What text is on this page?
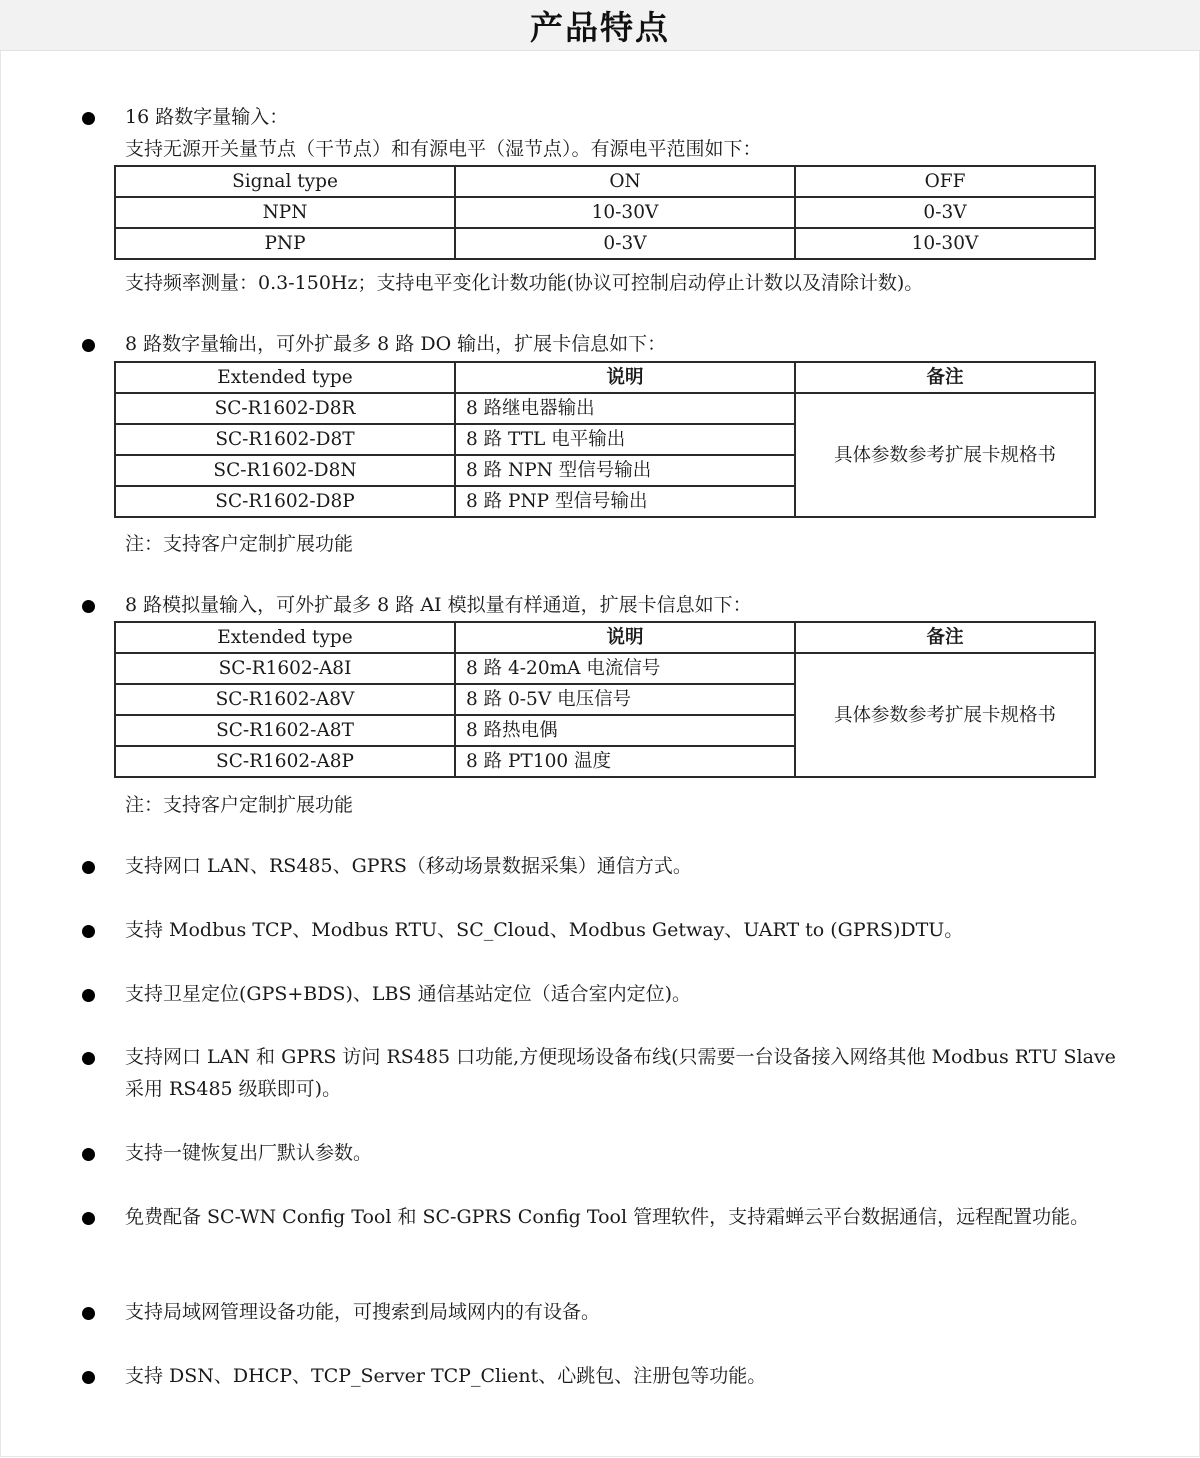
产品特点
16 路数字量输入：
支持无源开关量节点（干节点）和有源电平（湿节点）。有源电平范围如下：
Signal type	ON	OFF
NPN	10-30V	0-3V
PNP	0-3V	10-30V
支持频率测量：0.3-150Hz；支持电平变化计数功能(协议可控制启动停止计数以及清除计数)。
8 路数字量输出，可外扩最多 8 路 DO 输出，扩展卡信息如下：
Extended type	说明	备注
SC-R1602-D8R	8 路继电器输出	具体参数参考扩展卡规格书
SC-R1602-D8T	8 路 TTL 电平输出	
SC-R1602-D8N	8 路 NPN 型信号输出	
SC-R1602-D8P	8 路 PNP 型信号输出	
注：支持客户定制扩展功能
8 路模拟量输入，可外扩最多 8 路 AI 模拟量有样通道，扩展卡信息如下：
Extended type	说明	备注
SC-R1602-A8I	8 路 4-20mA 电流信号	具体参数参考扩展卡规格书
SC-R1602-A8V	8 路 0-5V 电压信号	
SC-R1602-A8T	8 路热电偶	
SC-R1602-A8P	8 路 PT100 温度	
注：支持客户定制扩展功能
支持网口 LAN、RS485、GPRS（移动场景数据采集）通信方式。
支持 Modbus TCP、Modbus RTU、SC_Cloud、Modbus Getway、UART to (GPRS)DTU。
支持卫星定位(GPS+BDS)、LBS 通信基站定位（适合室内定位)。
支持网口 LAN 和 GPRS 访问 RS485 口功能,方便现场设备布线(只需要一台设备接入网络其他 Modbus RTU Slave 采用 RS485 级联即可)。
支持一键恢复出厂默认参数。
免费配备 SC-WN Config Tool 和 SC-GPRS Config Tool 管理软件，支持霜蝉云平台数据通信，远程配置功能。
支持局域网管理设备功能，可搜索到局域网内的有设备。
支持 DSN、DHCP、TCP_Server TCP_Client、心跳包、注册包等功能。
